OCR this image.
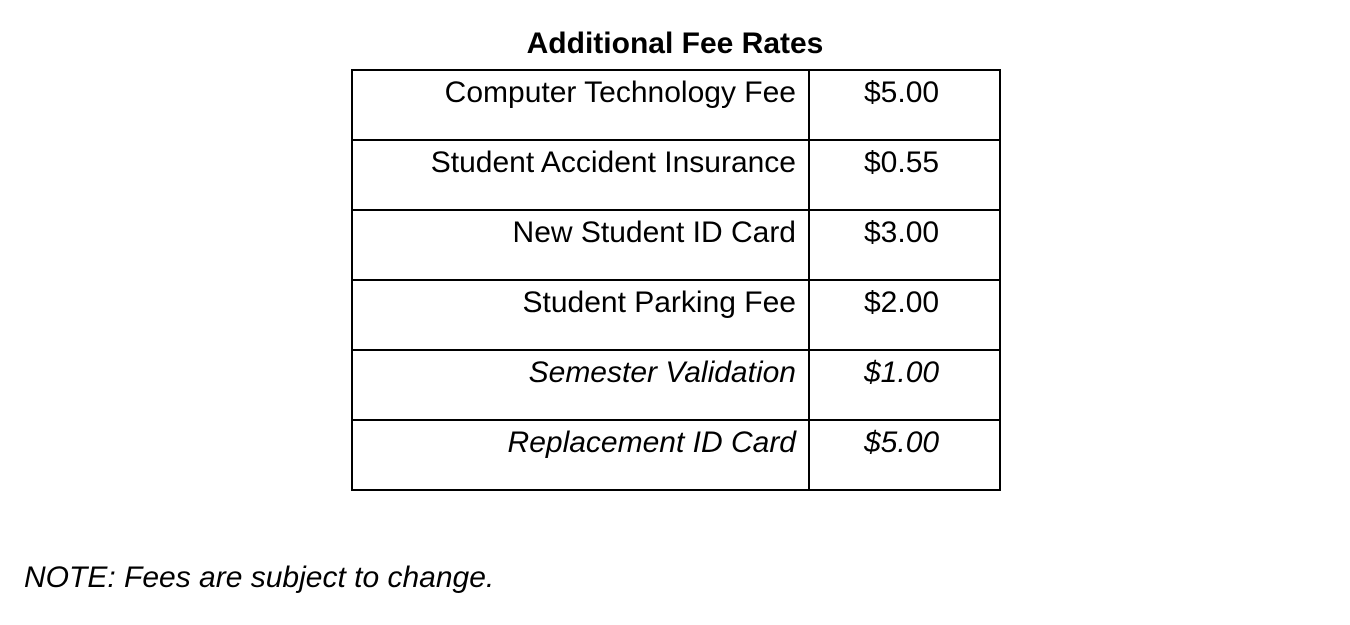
Additional Fee Rates
Computer Technology Fee	$5.00
Student Accident Insurance	$0.55
New Student ID Card	$3.00
Student Parking Fee	$2.00
Semester Validation	$1.00
Replacement ID Card	$5.00

NOTE: Fees are subject to change.
